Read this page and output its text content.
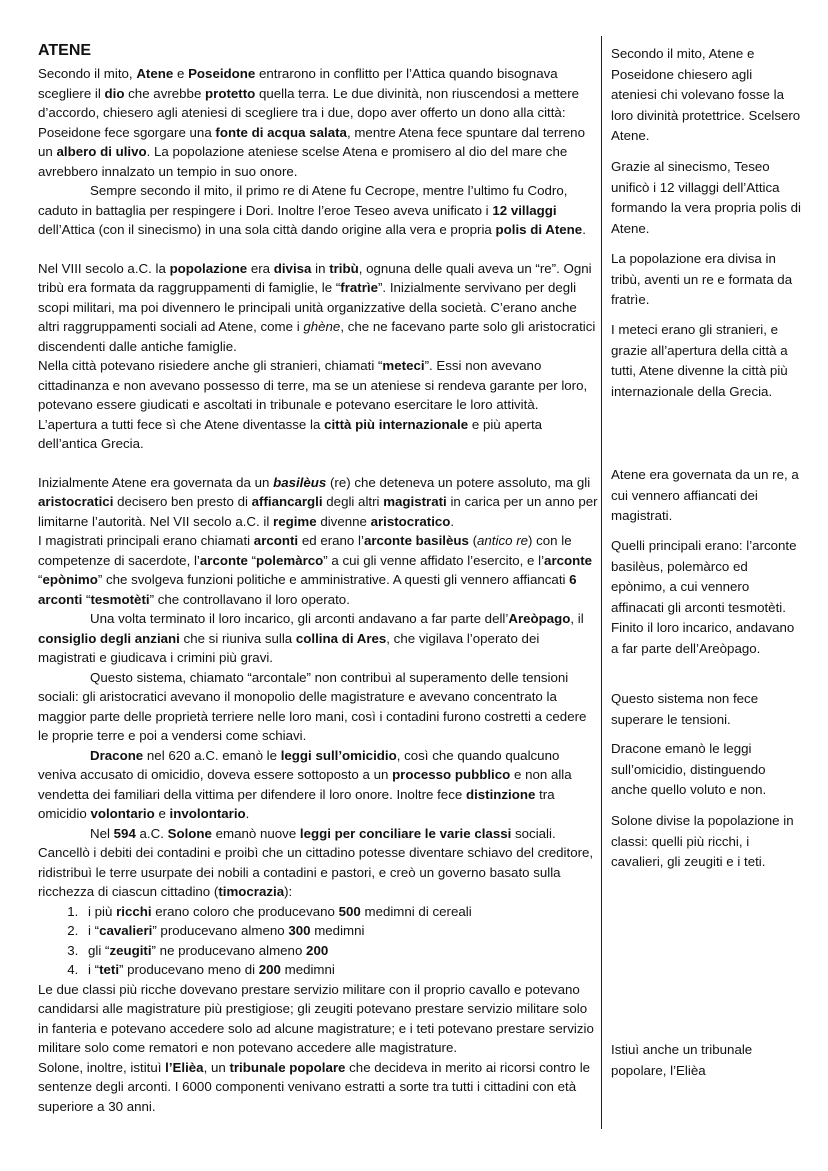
ATENE

Secondo il mito, Atene e Poseidone entrarono in conflitto per l’Attica quando bisognava scegliere il dio che avrebbe protetto quella terra. Le due divinità, non riuscendosi a mettere d’accordo, chiesero agli ateniesi di scegliere tra i due, dopo aver offerto un dono alla città: Poseidone fece sgorgare una fonte di acqua salata, mentre Atena fece spuntare dal terreno un albero di ulivo. La popolazione ateniese scelse Atena e promisero al dio del mare che avrebbero innalzato un tempio in suo onore.

Sempre secondo il mito, il primo re di Atene fu Cecrope, mentre l’ultimo fu Codro, caduto in battaglia per respingere i Dori. Inoltre l’eroe Teseo aveva unificato i 12 villaggi dell’Attica (con il sinecismo) in una sola città dando origine alla vera e propria polis di Atene.

Nel VIII secolo a.C. la popolazione era divisa in tribù, ognuna delle quali aveva un “re”. Ogni tribù era formata da raggruppamenti di famiglie, le “fratrìe”. Inizialmente servivano per degli scopi militari, ma poi divennero le principali unità organizzative della società. C’erano anche altri raggruppamenti sociali ad Atene, come i ghène, che ne facevano parte solo gli aristocratici discendenti dalle antiche famiglie.

Nella città potevano risiedere anche gli stranieri, chiamati “meteci”. Essi non avevano cittadinanza e non avevano possesso di terre, ma se un ateniese si rendeva garante per loro, potevano essere giudicati e ascoltati in tribunale e potevano esercitare le loro attività. L’apertura a tutti fece sì che Atene diventasse la città più internazionale e più aperta dell’antica Grecia.

Inizialmente Atene era governata da un basilèus (re) che deteneva un potere assoluto, ma gli aristocratici decisero ben presto di affiancargli degli altri magistrati in carica per un anno per limitarne l’autorità. Nel VII secolo a.C. il regime divenne aristocratico.

I magistrati principali erano chiamati arconti ed erano l’arconte basilèus (antico re) con le competenze di sacerdote, l’arconte “polemàrco” a cui gli venne affidato l’esercito, e l’arconte “epònimo” che svolgeva funzioni politiche e amministrative. A questi gli vennero affiancati 6 arconti “tesmotèti” che controllavano il loro operato.

Una volta terminato il loro incarico, gli arconti andavano a far parte dell’Areòpago, il consiglio degli anziani che si riuniva sulla collina di Ares, che vigilava l’operato dei magistrati e giudicava i crimini più gravi.

Questo sistema, chiamato “arcontale” non contribuì al superamento delle tensioni sociali: gli aristocratici avevano il monopolio delle magistrature e avevano concentrato la maggior parte delle proprietà terriere nelle loro mani, così i contadini furono costretti a cedere le proprie terre e poi a vendersi come schiavi.

Dracone nel 620 a.C. emanò le leggi sull’omicidio, così che quando qualcuno veniva accusato di omicidio, doveva essere sottoposto a un processo pubblico e non alla vendetta dei familiari della vittima per difendere il loro onore. Inoltre fece distinzione tra omicidio volontario e involontario.

Nel 594 a.C. Solone emanò nuove leggi per conciliare le varie classi sociali.

Cancellò i debiti dei contadini e proibì che un cittadino potesse diventare schiavo del creditore, ridistribuì le terre usurpate dei nobili a contadini e pastori, e creò un governo basato sulla ricchezza di ciascun cittadino (timocrazia):

1. i più ricchi erano coloro che producevano 500 medimni di cereali
2. i “cavalieri” producevano almeno 300 medimni
3. gli “zeugiti” ne producevano almeno 200
4. i “teti” producevano meno di 200 medimni

Le due classi più ricche dovevano prestare servizio militare con il proprio cavallo e potevano candidarsi alle magistrature più prestigiose; gli zeugiti potevano prestare servizio militare solo in fanteria e potevano accedere solo ad alcune magistrature; e i teti potevano prestare servizio militare solo come rematori e non potevano accedere alle magistrature.

Solone, inoltre, istituì l’Elièa, un tribunale popolare che decideva in merito ai ricorsi contro le sentenze degli arconti. I 6000 componenti venivano estratti a sorte tra tutti i cittadini con età superiore a 30 anni.

Secondo il mito, Atene e Poseidone chiesero agli ateniesi chi volevano fosse la loro divinità protettrice. Scelsero Atene.
Grazie al sinecismo, Teseo unificò i 12 villaggi dell’Attica formando la vera propria polis di Atene.
La popolazione era divisa in tribù, aventi un re e formata da fratrìe.
I meteci erano gli stranieri, e grazie all’apertura della città a tutti, Atene divenne la città più internazionale della Grecia.
Atene era governata da un re, a cui vennero affiancati dei magistrati.
Quelli principali erano: l’arconte basilèus, polemàrco ed epònimo, a cui vennero affinacati gli arconti tesmotèti. Finito il loro incarico, andavano a far parte dell’Areòpago.
Questo sistema non fece superare le tensioni.
Dracone emanò le leggi sull’omicidio, distinguendo anche quello voluto e non.
Solone divise la popolazione in classi: quelli più ricchi, i cavalieri, gli zeugiti e i teti.
Istiuì anche un tribunale popolare, l’Elièa
